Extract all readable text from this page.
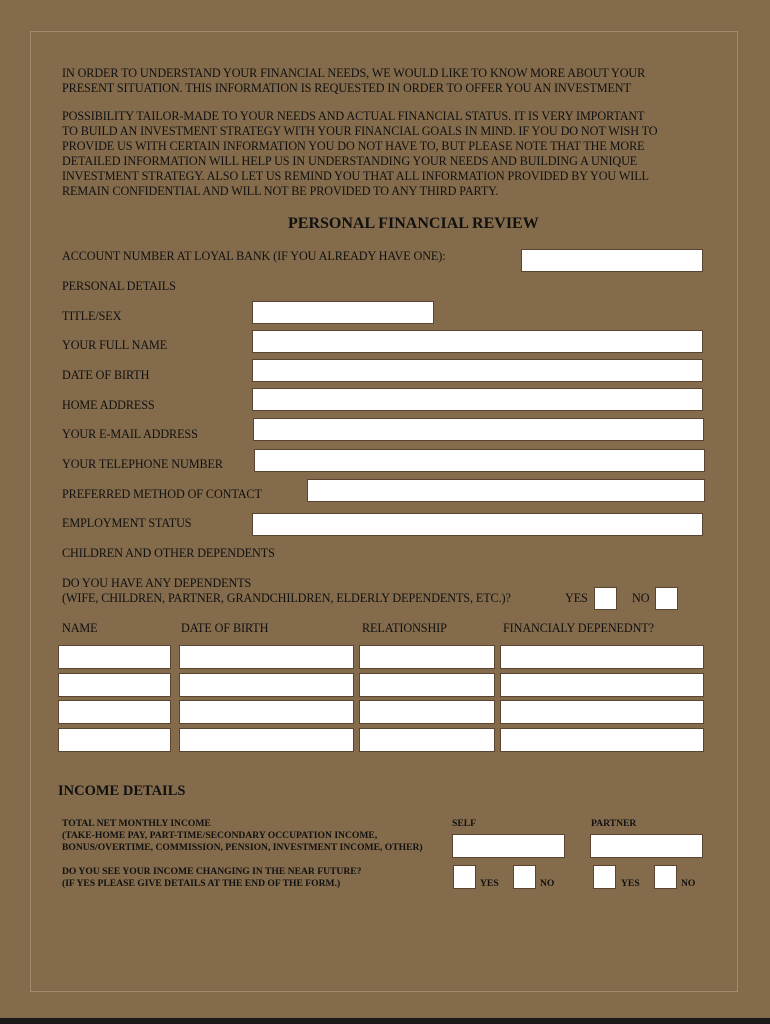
IN ORDER TO UNDERSTAND YOUR FINANCIAL NEEDS, WE WOULD LIKE TO KNOW MORE ABOUT YOUR
PRESENT SITUATION. THIS INFORMATION IS REQUESTED IN ORDER TO OFFER YOU AN INVESTMENT
POSSIBILITY TAILOR-MADE TO YOUR NEEDS AND ACTUAL FINANCIAL STATUS. IT IS VERY IMPORTANT
TO BUILD AN INVESTMENT STRATEGY WITH YOUR FINANCIAL GOALS IN MIND. IF YOU DO NOT WISH TO
PROVIDE US WITH CERTAIN INFORMATION YOU DO NOT HAVE TO, BUT PLEASE NOTE THAT THE MORE
DETAILED INFORMATION WILL HELP US IN UNDERSTANDING YOUR NEEDS AND BUILDING A UNIQUE
INVESTMENT STRATEGY. ALSO LET US REMIND YOU THAT ALL INFORMATION PROVIDED BY YOU WILL
REMAIN CONFIDENTIAL AND WILL NOT BE PROVIDED TO ANY THIRD PARTY.
PERSONAL FINANCIAL REVIEW
ACCOUNT NUMBER AT LOYAL BANK (IF YOU ALREADY HAVE ONE):
PERSONAL DETAILS
TITLE/SEX
YOUR FULL NAME
DATE OF BIRTH
HOME ADDRESS
YOUR E-MAIL ADDRESS
YOUR TELEPHONE NUMBER
PREFERRED METHOD OF CONTACT
EMPLOYMENT STATUS
CHILDREN AND OTHER DEPENDENTS
DO YOU HAVE ANY DEPENDENTS
(WIFE, CHILDREN, PARTNER, GRANDCHILDREN, ELDERLY DEPENDENTS, ETC.)?	YES	NO
NAME	DATE OF BIRTH	RELATIONSHIP	FINANCIALY DEPENEDNT?
INCOME DETAILS
SELF	PARTNER
TOTAL NET MONTHLY INCOME
(TAKE-HOME PAY, PART-TIME/SECONDARY OCCUPATION INCOME,
BONUS/OVERTIME, COMMISSION, PENSION, INVESTMENT INCOME, OTHER)
DO YOU SEE YOUR INCOME CHANGING IN THE NEAR FUTURE?
(IF YES PLEASE GIVE DETAILS AT THE END OF THE FORM.)	YES	NO	YES	NO
